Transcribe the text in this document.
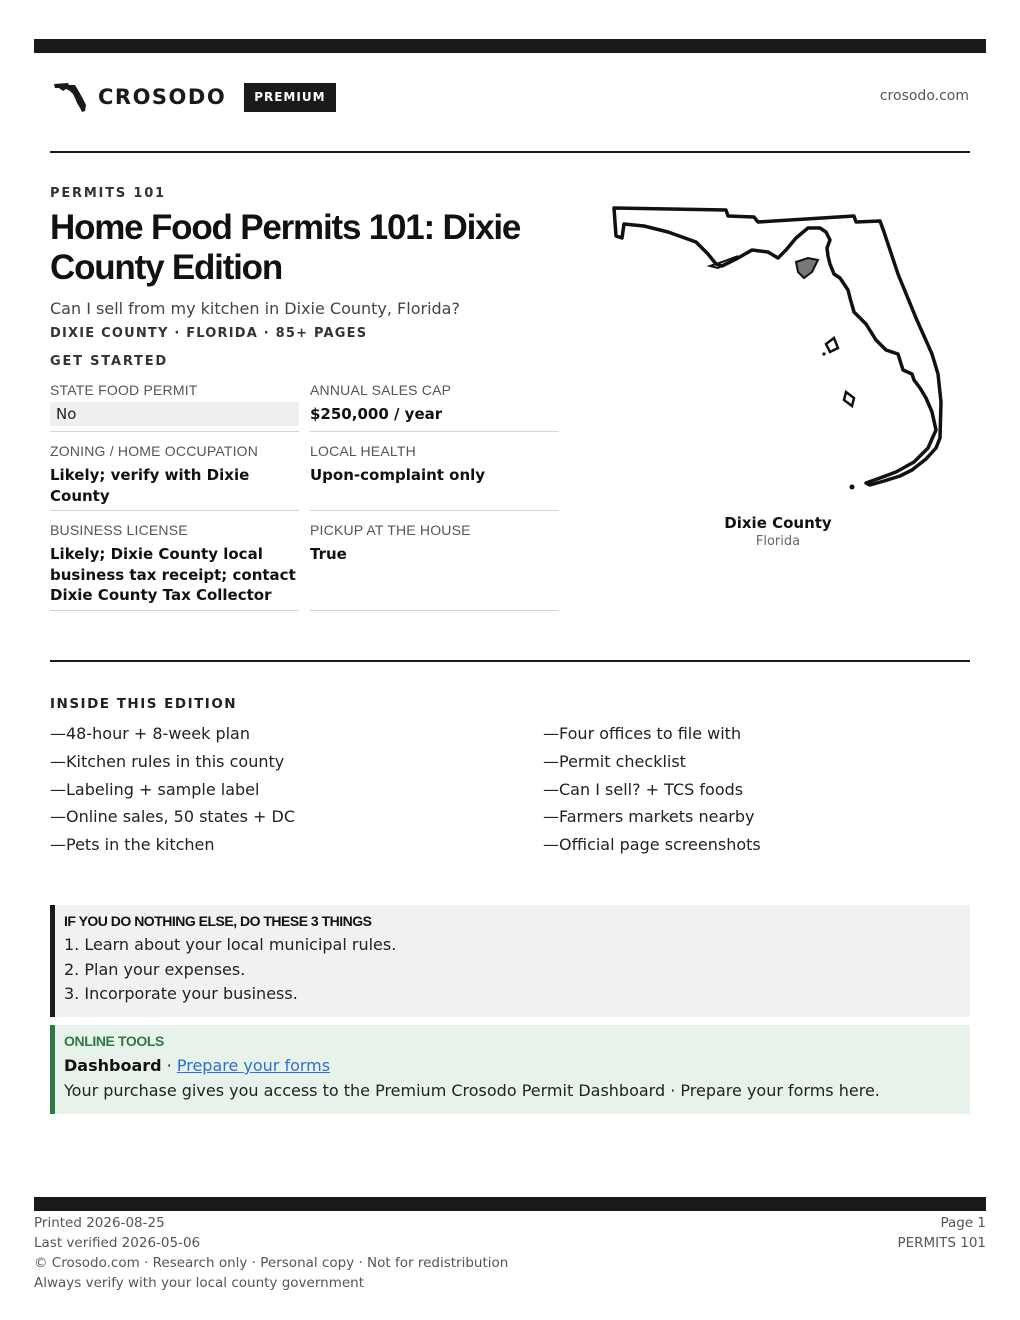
CROSODO	PREMIUM	crosodo.com
PERMITS 101
Home Food Permits 101: Dixie County Edition
Can I sell from my kitchen in Dixie County, Florida?
DIXIE COUNTY · FLORIDA · 85+ PAGES
GET STARTED
STATE FOOD PERMIT
No
ANNUAL SALES CAP
$250,000 / year
ZONING / HOME OCCUPATION
Likely; verify with Dixie County
LOCAL HEALTH
Upon-complaint only
BUSINESS LICENSE
Likely; Dixie County local business tax receipt; contact Dixie County Tax Collector
PICKUP AT THE HOUSE
True
Dixie County
Florida
INSIDE THIS EDITION
—48-hour + 8-week plan
—Kitchen rules in this county
—Labeling + sample label
—Online sales, 50 states + DC
—Pets in the kitchen
—Four offices to file with
—Permit checklist
—Can I sell? + TCS foods
—Farmers markets nearby
—Official page screenshots
IF YOU DO NOTHING ELSE, DO THESE 3 THINGS
1. Learn about your local municipal rules.
2. Plan your expenses.
3. Incorporate your business.
ONLINE TOOLS
Dashboard · Prepare your forms
Your purchase gives you access to the Premium Crosodo Permit Dashboard · Prepare your forms here.
Printed 2026-08-25
Last verified 2026-05-06
© Crosodo.com · Research only · Personal copy · Not for redistribution
Always verify with your local county government
Page 1
PERMITS 101
